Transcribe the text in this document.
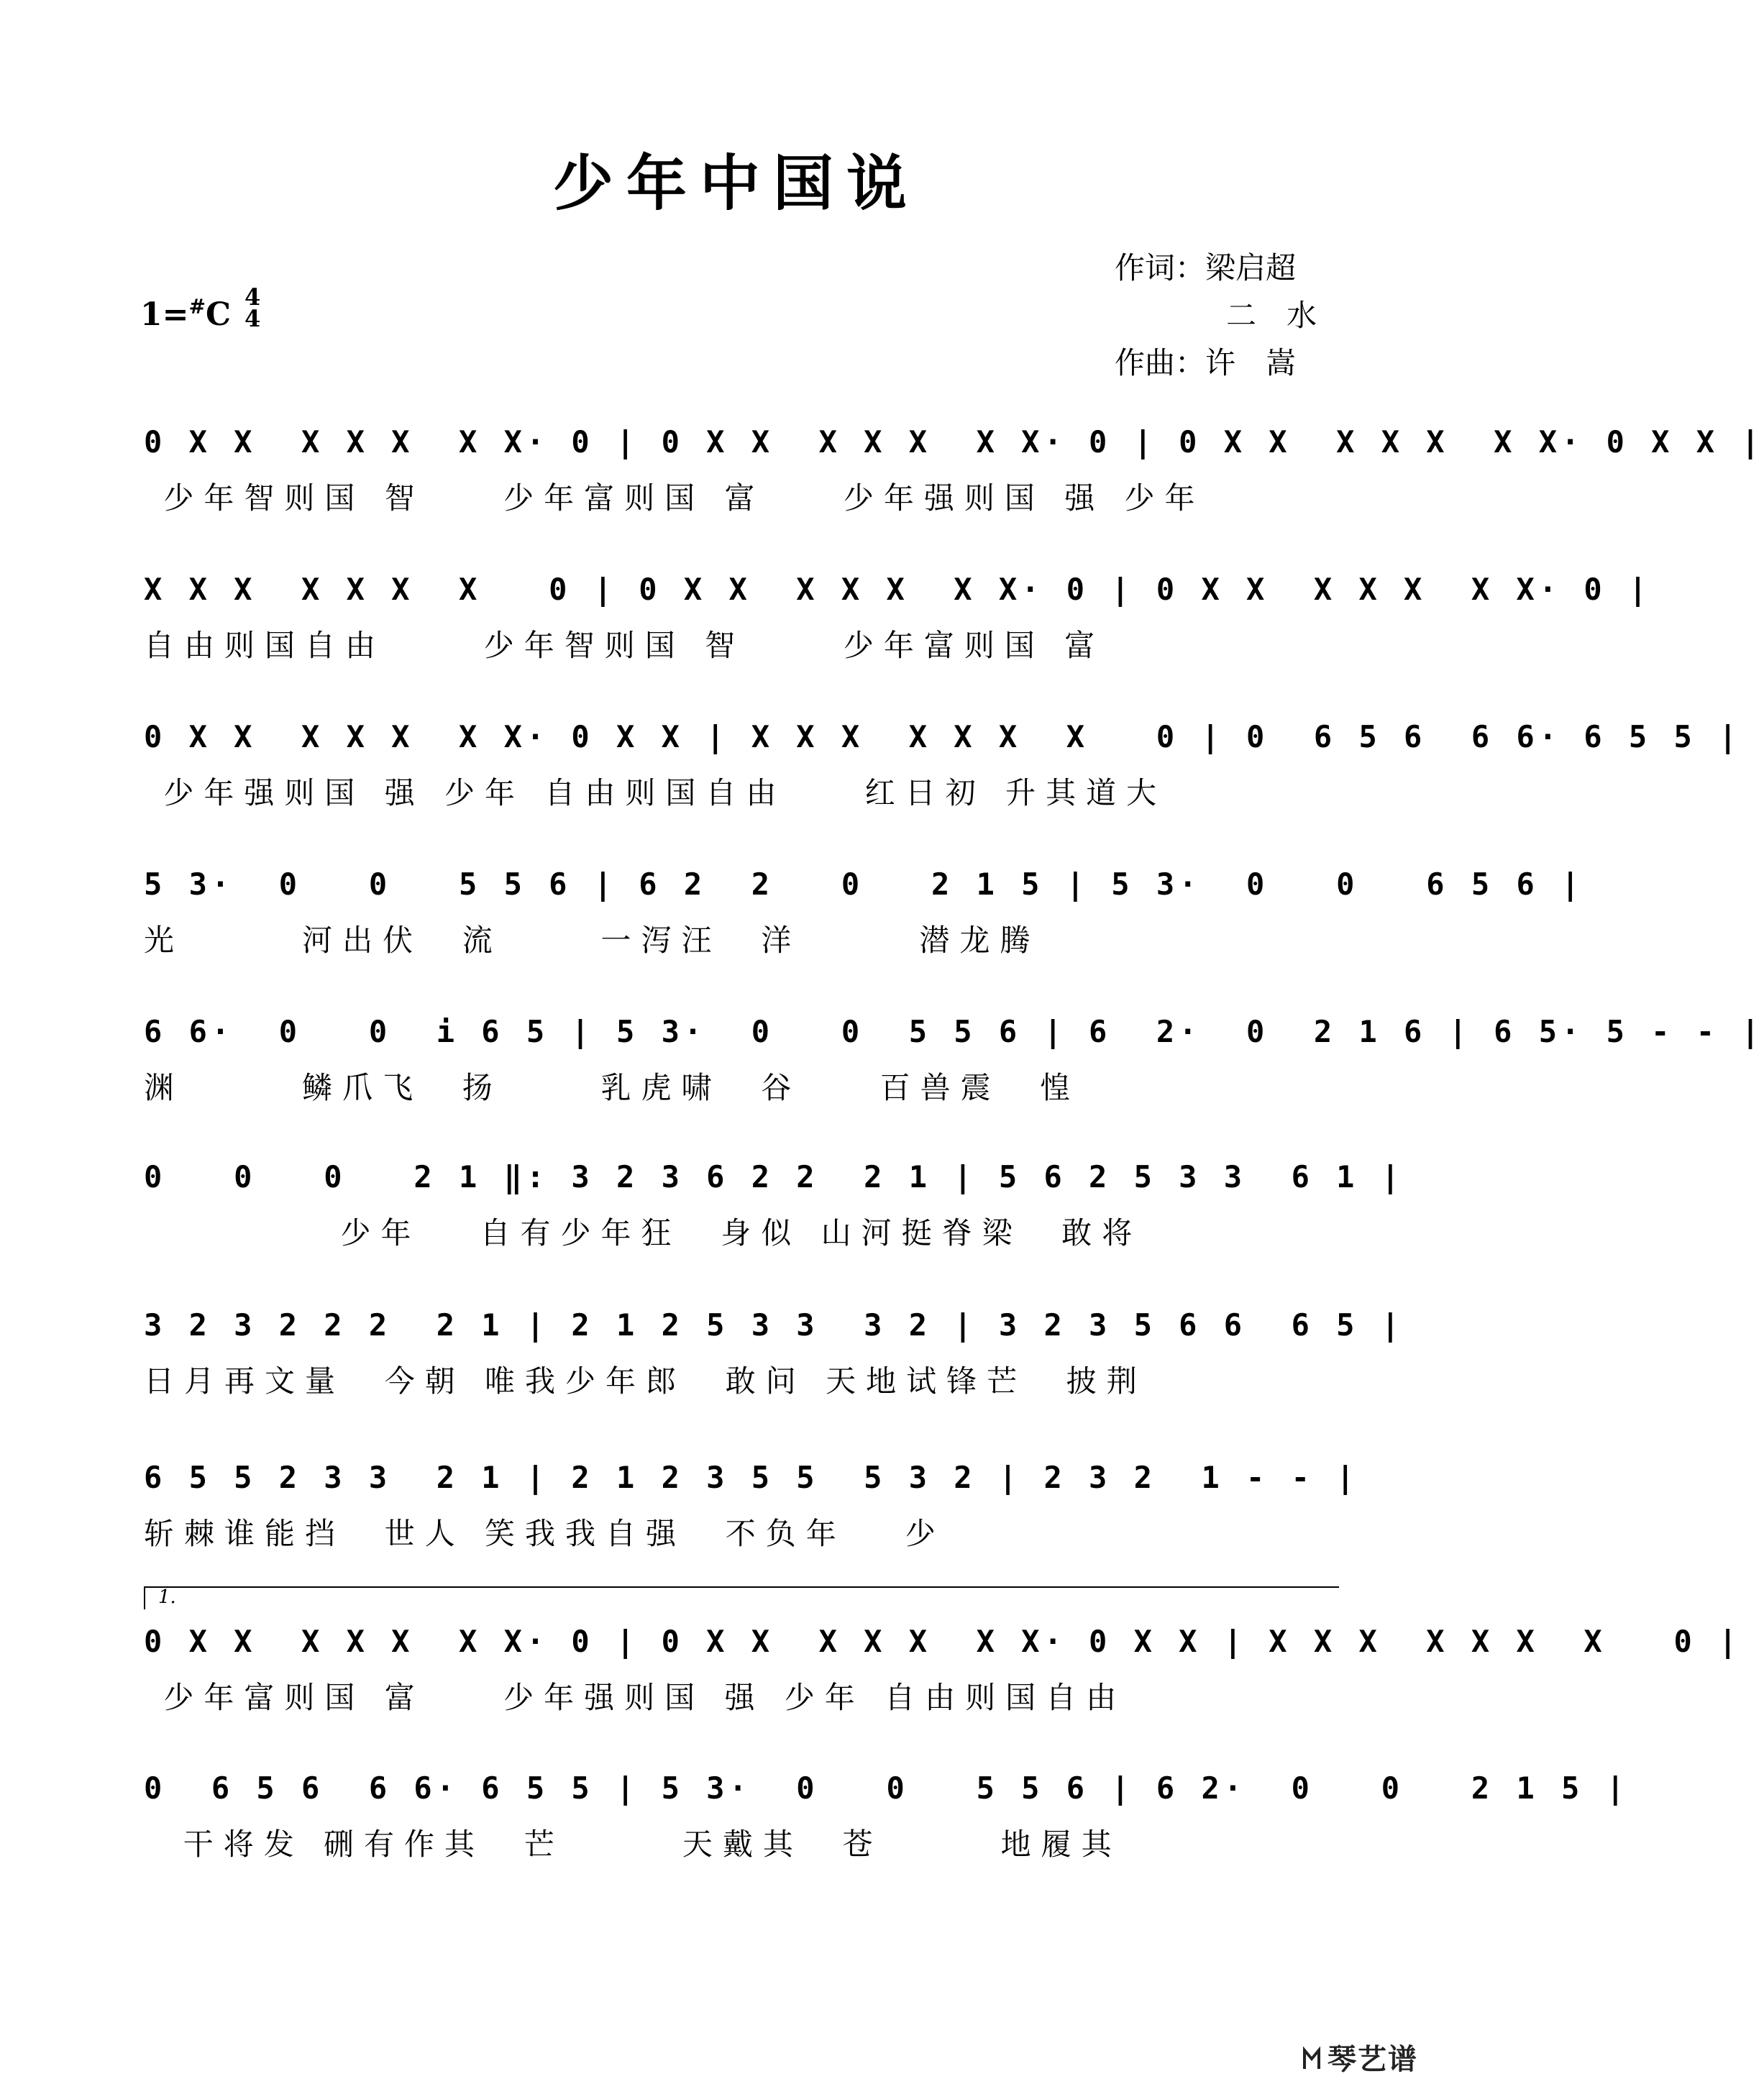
少年中国说
作词：梁启超
二　水
作曲：许　嵩
1=#C 4
4
0 X X  X X X  X X· 0 | 0 X X  X X X  X X· 0 | 0 X X  X X X  X X· 0 X X |
少年智则国 智    少年富则国 富    少年强则国 强 少年
X X X  X X X  X   0 | 0 X X  X X X  X X· 0 | 0 X X  X X X  X X· 0 |
自由则国自由     少年智则国 智     少年富则国 富
0 X X  X X X  X X· 0 X X | X X X  X X X  X   0 | 0  6 5 6  6 6· 6 5 5 |
少年强则国 强 少年 自由则国自由    红日初 升其道大
5 3·  0   0   5 5 6 | 6 2  2   0   2 1 5 | 5 3·  0   0   6 5 6 |
光      河出伏  流     一泻汪  洋      潜龙腾
6 6·  0   0  i 6 5 | 5 3·  0   0  5 5 6 | 6  2·  0  2 1 6 | 6 5· 5 - - |
渊      鳞爪飞  扬     乳虎啸  谷    百兽震  惶
0   0   0   2 1 ‖: 3 2 3 6 2 2  2 1 | 5 6 2 5 3 3  6 1 |
少年   自有少年狂  身似 山河挺脊梁  敢将
3 2 3 2 2 2  2 1 | 2 1 2 5 3 3  3 2 | 3 2 3 5 6 6  6 5 |
日月再文量  今朝 唯我少年郎  敢问 天地试锋芒  披荆
6 5 5 2 3 3  2 1 | 2 1 2 3 5 5  5 3 2 | 2 3 2  1 - - |
斩棘谁能挡  世人 笑我我自强  不负年   少
1.
0 X X  X X X  X X· 0 | 0 X X  X X X  X X· 0 X X | X X X  X X X  X   0 |
少年富则国 富    少年强则国 强 少年 自由则国自由
0  6 5 6  6 6· 6 5 5 | 5 3·  0   0   5 5 6 | 6 2·  0   0   2 1 5 |
干将发 硎有作其  芒      天戴其  苍      地履其
琴艺谱
